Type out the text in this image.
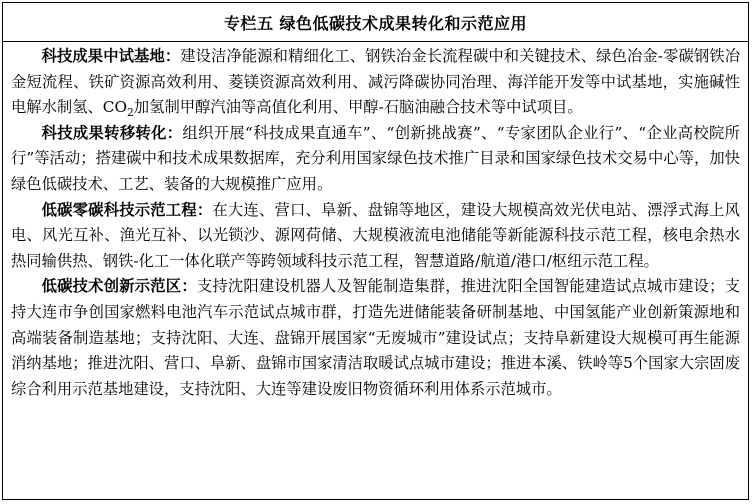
专栏五 绿色低碳技术成果转化和示范应用

科技成果中试基地：建设洁净能源和精细化工、钢铁冶金长流程碳中和关键技术、绿色冶金-零碳钢铁冶金短流程、铁矿资源高效利用、菱镁资源高效利用、减污降碳协同治理、海洋能开发等中试基地，实施碱性电解水制氢、$CO_2$加氢制甲醇汽油等高值化利用、甲醇-石脑油融合技术等中试项目。

科技成果转移转化：组织开展“科技成果直通车”、“创新挑战赛”、“专家团队企业行”、“企业高校院所行”等活动；搭建碳中和技术成果数据库，充分利用国家绿色技术推广目录和国家绿色技术交易中心等，加快绿色低碳技术、工艺、装备的大规模推广应用。

低碳零碳科技示范工程：在大连、营口、阜新、盘锦等地区，建设大规模高效光伏电站、漂浮式海上风电、风光互补、渔光互补、以光锁沙、源网荷储、大规模液流电池储能等新能源科技示范工程，核电余热水热同输供热、钢铁-化工一体化联产等跨领域科技示范工程，智慧道路/航道/港口/枢纽示范工程。

低碳技术创新示范区：支持沈阳建设机器人及智能制造集群，推进沈阳全国智能建造试点城市建设；支持大连市争创国家燃料电池汽车示范试点城市群，打造先进储能装备研制基地、中国氢能产业创新策源地和高端装备制造基地；支持沈阳、大连、盘锦开展国家“无废城市”建设试点；支持阜新建设大规模可再生能源消纳基地；推进沈阳、营口、阜新、盘锦市国家清洁取暖试点城市建设；推进本溪、铁岭等5个国家大宗固废综合利用示范基地建设，支持沈阳、大连等建设废旧物资循环利用体系示范城市。
